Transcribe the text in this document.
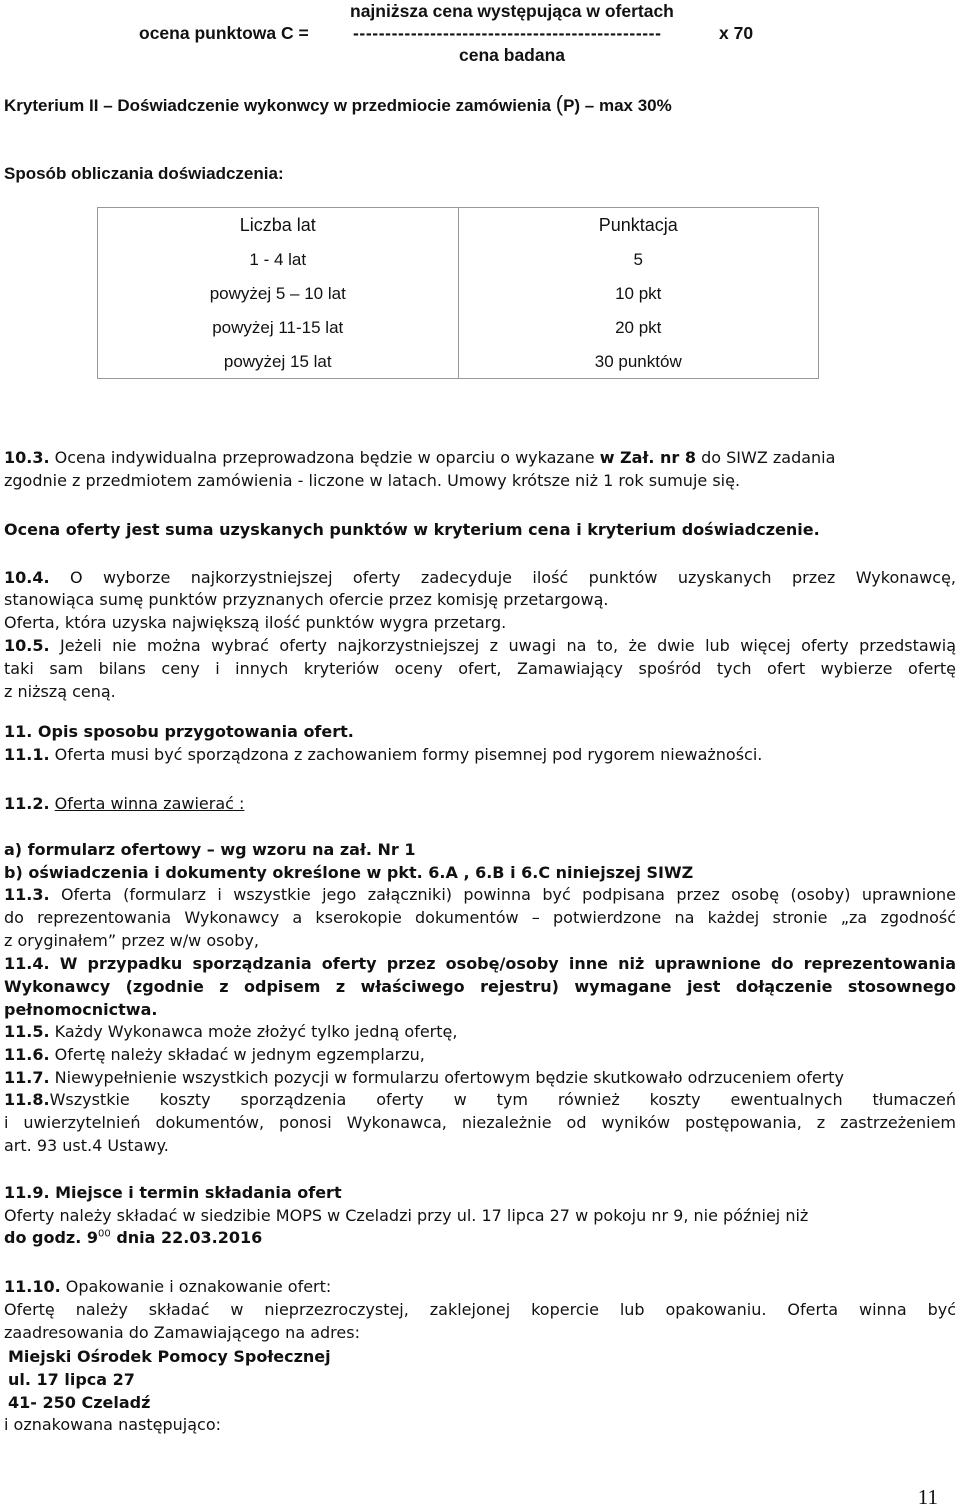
najniższa cena występująca w ofertach
ocena punktowa C =	------------------------------------------------	x 70
cena badana
Kryterium II – Doświadczenie wykonwcy w przedmiocie zamówienia (P) – max 30%
Sposób obliczania doświadczenia:
Liczba lat	Punktacja
1 - 4 lat	5
powyżej 5 – 10 lat	10 pkt
powyżej 11-15 lat	20 pkt
powyżej 15 lat	30 punktów
10.3. Ocena indywidualna przeprowadzona będzie w oparciu o wykazane w Zał. nr 8 do SIWZ zadania
zgodnie z przedmiotem zamówienia - liczone w latach. Umowy krótsze niż 1 rok sumuje się.
Ocena oferty jest suma uzyskanych punktów w kryterium cena i kryterium doświadczenie.
10.4. O wyborze najkorzystniejszej oferty zadecyduje ilość punktów uzyskanych przez Wykonawcę,
stanowiąca sumę punktów przyznanych ofercie przez komisję przetargową.
Oferta, która uzyska największą ilość punktów wygra przetarg.
10.5. Jeżeli nie można wybrać oferty najkorzystniejszej z uwagi na to, że dwie lub więcej oferty przedstawią
taki sam bilans ceny i innych kryteriów oceny ofert, Zamawiający spośród tych ofert wybierze ofertę
z niższą ceną.
11. Opis sposobu przygotowania ofert.
11.1. Oferta musi być sporządzona z zachowaniem formy pisemnej pod rygorem nieważności.
11.2. Oferta winna zawierać :
a) formularz ofertowy – wg wzoru na zał. Nr 1
b) oświadczenia i dokumenty określone w pkt. 6.A , 6.B i 6.C niniejszej SIWZ
11.3. Oferta (formularz i wszystkie jego załączniki) powinna być podpisana przez osobę (osoby) uprawnione
do reprezentowania Wykonawcy a kserokopie dokumentów – potwierdzone na każdej stronie „za zgodność
z oryginałem” przez w/w osoby,
11.4. W przypadku sporządzania oferty przez osobę/osoby inne niż uprawnione do reprezentowania
Wykonawcy (zgodnie z odpisem z właściwego rejestru) wymagane jest dołączenie stosownego
pełnomocnictwa.
11.5. Każdy Wykonawca może złożyć tylko jedną ofertę,
11.6. Ofertę należy składać w jednym egzemplarzu,
11.7. Niewypełnienie wszystkich pozycji w formularzu ofertowym będzie skutkowało odrzuceniem oferty
11.8.Wszystkie koszty sporządzenia oferty w tym również koszty ewentualnych tłumaczeń
i uwierzytelnień dokumentów, ponosi Wykonawca, niezależnie od wyników postępowania, z zastrzeżeniem
art. 93 ust.4 Ustawy.
11.9. Miejsce i termin składania ofert
Oferty należy składać w siedzibie MOPS w Czeladzi przy ul. 17 lipca 27 w pokoju nr 9, nie później niż
do godz. $9^{00}$ dnia 22.03.2016
11.10. Opakowanie i oznakowanie ofert:
Ofertę należy składać w nieprzezroczystej, zaklejonej kopercie lub opakowaniu. Oferta winna być
zaadresowania do Zamawiającego na adres:
Miejski Ośrodek Pomocy Społecznej
ul. 17 lipca 27
41- 250 Czeladź
i oznakowana następująco:
11
